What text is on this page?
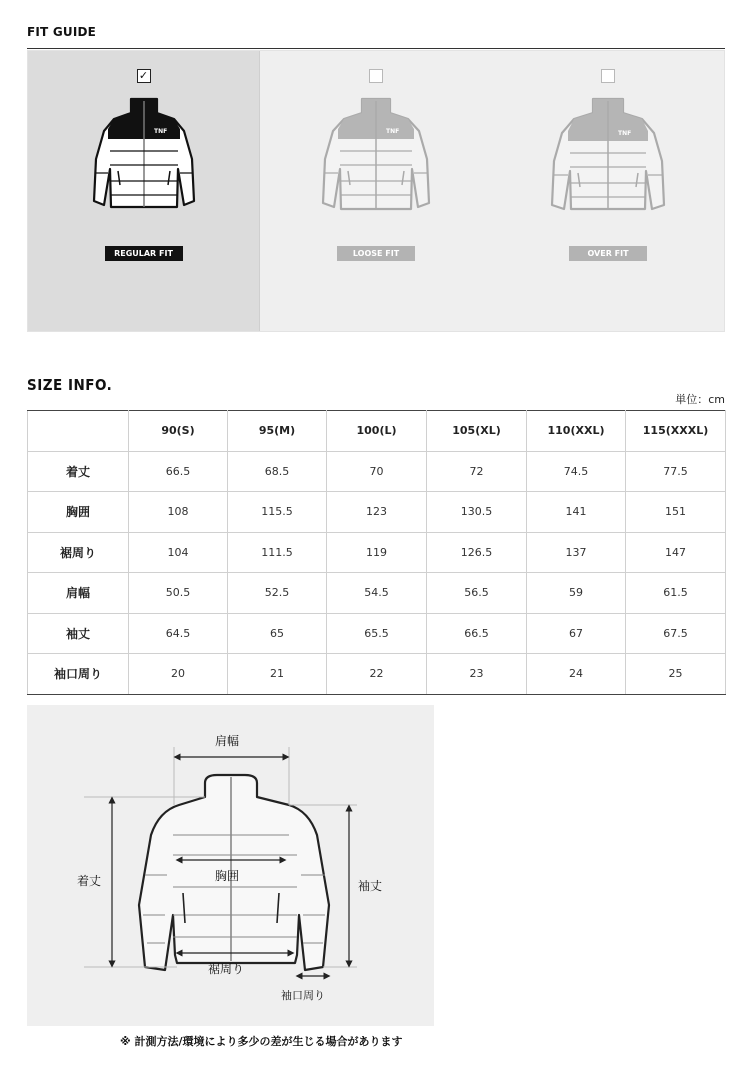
FIT GUIDE
✓
TNF
REGULAR FIT
TNF
LOOSE FIT
TNF
OVER FIT
SIZE INFO.
単位：cm
	90(S)	95(M)	100(L)	105(XL)	110(XXL)	115(XXXL)
着丈	66.5	68.5	70	72	74.5	77.5
胸囲	108	115.5	123	130.5	141	151
裾周り	104	111.5	119	126.5	137	147
肩幅	50.5	52.5	54.5	56.5	59	61.5
袖丈	64.5	65	65.5	66.5	67	67.5
袖口周り	20	21	22	23	24	25
肩幅
着丈	胸囲
袖丈
裾周り
袖口周り
※ 計測方法/環境により多少の差が生じる場合があります
